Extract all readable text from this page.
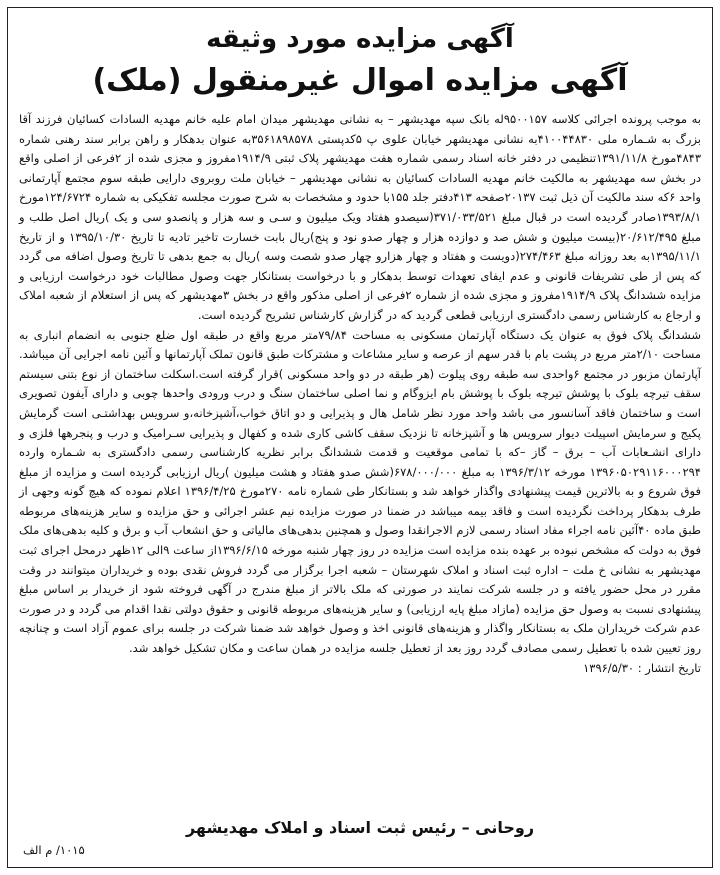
آگهی مزایده مورد وثیقه
آگهی مزایده اموال غیرمنقول (ملک)

به موجب پرونده اجرائی کلاسه ۹۵۰۰۱۵۷له بانک سپه مهدیشهر – به نشانی مهدیشهر میدان امام علیه خانم مهدیه السادات کسائیان فرزند آقا بزرگ به شـماره ملی ۴۱۰۰۴۴۸۳۰به نشانی مهدیشهر خیابان علوی پ ۵کدپستی ۳۵۶۱۸۹۸۵۷۸به عنوان بدهکار و راهن برابر سند رهنی شماره ۴۸۴۳مورخ ۱۳۹۱/۱۱/۸تنظیمی در دفتر خانه اسناد رسمی شماره هفت مهدیشهر پلاک ثبتی ۱۹۱۴/۹مفروز و مجزی شده از ۲فرعی از اصلی واقع در بخش سه مهدیشهر به مالکیت خانم مهدیه السادات کسائیان به نشانی مهدیشهر – خیابان ملت روبروی دارایی طبقه سوم مجتمع آپارتمانی واحد ۶که سند مالکیت آن ذیل ثبت ۲۰۱۳۷صفحه ۴۱۳دفتر جلد ۱۵۵با حدود و مشخصات به شرح صورت مجلسه تفکیکی به شماره ۱۲۴/۶۷۲۴مورخ ۱۳۹۳/۸/۱صادر گردیده است در قبال مبلغ ۳۷۱/۰۳۳/۵۲۱(سیصدو هفتاد ویک میلیون و سـی و سه هزار و پانصدو سی و یک )ریال اصل طلب و مبلغ ۲۰/۶۱۲/۴۹۵(بیست میلیون و شش صد و دوازده هزار و چهار صدو نود و پنج)ریال بابت خسارت تاخیر تادیه تا تاریخ ۱۳۹۵/۱۰/۳۰ و از تاریخ ۱۳۹۵/۱۱/۱به بعد روزانه مبلغ ۲۷۴/۴۶۳(دویست و هفتاد و چهار هزارو چهار صدو شصت وسه )ریال به جمع بدهی تا تاریخ وصول اضافه می گردد که پس از طی تشریفات قانونی و عدم ایفای تعهدات توسط بدهکار و با درخواست بستانکار جهت وصول مطالبات خود درخواست ارزیابی و مزایده ششدانگ پلاک ۱۹۱۴/۹مفروز و مجزی شده از شماره ۲فرعی از اصلی مذکور واقع در بخش ۳مهدیشهر که پس از استعلام از شعبه املاک و ارجاع به کارشناس رسمی دادگستری ارزیابی قطعی گردید که در گزارش کارشناس تشریح گردیده است.

ششدانگ پلاک فوق به عنوان یک دستگاه آپارتمان مسکونی به مساحت ۷۹/۸۴متر مربع واقع در طبقه اول ضلع جنوبی به انضمام انباری به مساحت ۲/۱۰متر مربع در پشت بام با قدر سهم از عرصه و سایر مشاعات و مشترکات طبق قانون تملک آپارتمانها و آئین نامه اجرایی آن میباشد. آپارتمان مزبور در مجتمع ۶واحدی سه طبقه روی پیلوت (هر طبقه در دو واحد مسکونی )قرار گرفته است.اسکلت ساختمان از نوع بتنی سیستم سقف تیرچه بلوک با پوشش تیرچه بلوک با پوشش بام ایزوگام و نما اصلی ساختمان سنگ و درب ورودی واحدها چوبی و دارای آیفون تصویری است و ساختمان فاقد آسانسور می باشد واحد مورد نظر شامل هال و پذیرایی و دو اتاق خواب،آشپزخانه،و سرویس بهداشتـی است گرمایش پکیج و سرمایش اسپیلت دیوار سرویس ها و آشپزخانه تا نزدیک سقف کاشی کاری شده و کفهال و پذیرایی سـرامیک و درب و پنجرهها فلزی و دارای انشـعابات آب – برق – گاز –که با تمامی موقعیت و قدمت ششدانگ برابر نظریه کارشناسی رسمی دادگستری به شـماره وارده ۱۳۹۶۰۵۰۲۹۱۱۶۰۰۰۲۹۴ مورخه ۱۳۹۶/۳/۱۲ به مبلغ ۶۷۸/۰۰۰/۰۰۰(شش صدو هفتاد و هشت میلیون )ریال ارزیابی گردیده است و مزایده از مبلغ فوق شروع و به بالاترین قیمت پیشنهادی واگذار خواهد شد و بستانکار طی شماره نامه ۲۷۰مورخ ۱۳۹۶/۴/۲۵ اعلام نموده که هیچ گونه وجهی از طرف بدهکار پرداخت نگردیده است و فاقد بیمه میباشد در ضمنا در صورت مزایده نیم عشر اجرائی و حق مزایده و سایر هزینه‌های مربوطه طبق ماده ۴۰آئین نامه اجراء مفاد اسناد رسمی لازم الاجرانقدا وصول و همچنین بدهی‌های مالیاتی و حق انشعاب آب و برق و کلیه بدهی‌های ملک فوق به دولت که مشخص نبوده بر عهده بنده مزایده است مزایده در روز چهار شنبه مورخه ۱۳۹۶/۶/۱۵از ساعت ۹الی ۱۲ظهر درمحل اجرای ثبت مهدیشهر به نشانی خ ملت – اداره ثبت اسناد و املاک شهرستان – شعبه اجرا برگزار می گردد فروش نقدی بوده و خریداران میتوانند در وقت مقرر در محل حضور یافته و در جلسه شرکت نمایند در صورتی که ملک بالاتر از مبلغ مندرج در آگهی فروخته شود از خریدار بر اساس مبلغ پیشنهادی نسبت به وصول حق مزایده (مازاد مبلغ پایه ارزیابی) و سایر هزینه‌های مربوطه قانونی و حقوق دولتی نقدا اقدام می گردد و در صورت عدم شرکت خریداران ملک به بستانکار واگذار و هزینه‌های قانونی اخذ و وصول خواهد شد ضمنا شرکت در جلسه برای عموم آزاد است و چنانچه روز تعیین شده با تعطیل رسمی مصادف گردد روز بعد از تعطیل جلسه مزایده در همان ساعت و مکان تشکیل خواهد شد.

تاریخ انتشار : ۱۳۹۶/۵/۳۰
روحانی – رئیس ثبت اسناد و املاک مهدیشهر
۱۰۱۵/ م الف
